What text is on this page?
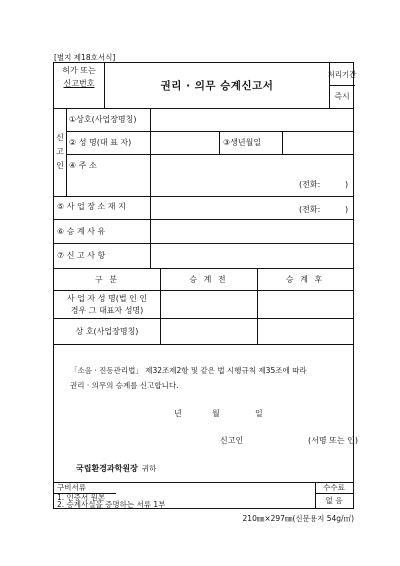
[별지 제18호서식]
허가 또는
신고번호	권리 · 의무 승계신고서
처리기간
즉시
신
고
인
①상호(사업장명칭)
② 성 명(대 표 자)	③생년월일
④ 주 소
(전화:	)
⑤ 사 업 장 소 재 지	(전화:	)
⑥ 승 계 사 유
⑦ 신 고 사 항
구 분	승 계 전	승 계 후
사 업 자 성 명(법 인 인
경우 그 대표자 성명)
상 호(사업장명칭)
「소음 · 진동관리법」 제32조제2항 및 같은 법 시행규칙 제35조에 따라
권리 · 의무의 승계를 신고합니다.
년	월	일
신고인	(서명 또는 인)
국립환경과학원장 귀하
구비서류
1. 인증서 원본
2. 승계사실을 증명하는 서류 1부
수수료
없 음
210㎜×297㎜(신문용지 54g/㎡)
